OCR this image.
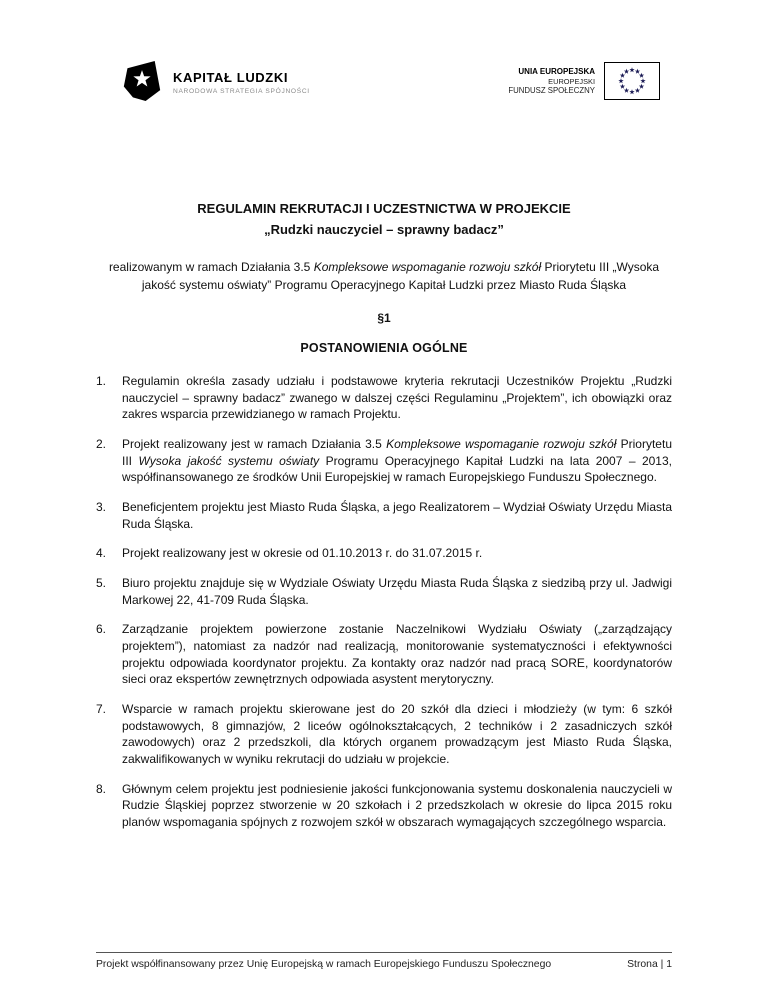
KAPITAŁ LUDZKI
NARODOWA STRATEGIA SPÓJNOŚCI
UNIA EUROPEJSKA
EUROPEJSKI
FUNDUSZ SPOŁECZNY
REGULAMIN REKRUTACJI I UCZESTNICTWA W PROJEKCIE
„Rudzki nauczyciel – sprawny badacz”

realizowanym w ramach Działania 3.5 Kompleksowe wspomaganie rozwoju szkół Priorytetu III „Wysoka jakość systemu oświaty” Programu Operacyjnego Kapitał Ludzki przez Miasto Ruda Śląska

§1
POSTANOWIENIA OGÓLNE
1.	Regulamin określa zasady udziału i podstawowe kryteria rekrutacji Uczestników Projektu „Rudzki nauczyciel – sprawny badacz” zwanego w dalszej części Regulaminu „Projektem”, ich obowiązki oraz zakres wsparcia przewidzianego w ramach Projektu.
2.	Projekt realizowany jest w ramach Działania 3.5 Kompleksowe wspomaganie rozwoju szkół Priorytetu III Wysoka jakość systemu oświaty Programu Operacyjnego Kapitał Ludzki na lata 2007 – 2013, współfinansowanego ze środków Unii Europejskiej w ramach Europejskiego Funduszu Społecznego.
3.	Beneficjentem projektu jest Miasto Ruda Śląska, a jego Realizatorem – Wydział Oświaty Urzędu Miasta Ruda Śląska.
4.	Projekt realizowany jest w okresie od 01.10.2013 r. do 31.07.2015 r.
5.	Biuro projektu znajduje się w Wydziale Oświaty Urzędu Miasta Ruda Śląska z siedzibą przy ul. Jadwigi Markowej 22, 41-709 Ruda Śląska.
6.	Zarządzanie projektem powierzone zostanie Naczelnikowi Wydziału Oświaty („zarządzający projektem”), natomiast za nadzór nad realizacją, monitorowanie systematyczności i efektywności projektu odpowiada koordynator projektu. Za kontakty oraz nadzór nad pracą SORE, koordynatorów sieci oraz ekspertów zewnętrznych odpowiada asystent merytoryczny.
7.	Wsparcie w ramach projektu skierowane jest do 20 szkół dla dzieci i młodzieży (w tym: 6 szkół podstawowych, 8 gimnazjów, 2 liceów ogólnokształcących, 2 techników i 2 zasadniczych szkół zawodowych) oraz 2 przedszkoli, dla których organem prowadzącym jest Miasto Ruda Śląska, zakwalifikowanych w wyniku rekrutacji do udziału w projekcie.
8.	Głównym celem projektu jest podniesienie jakości funkcjonowania systemu doskonalenia nauczycieli w Rudzie Śląskiej poprzez stworzenie w 20 szkołach i 2 przedszkolach w okresie do lipca 2015 roku planów wspomagania spójnych z rozwojem szkół w obszarach wymagających szczególnego wsparcia.
Projekt współfinansowany przez Unię Europejską w ramach Europejskiego Funduszu Społecznego	Strona | 1
